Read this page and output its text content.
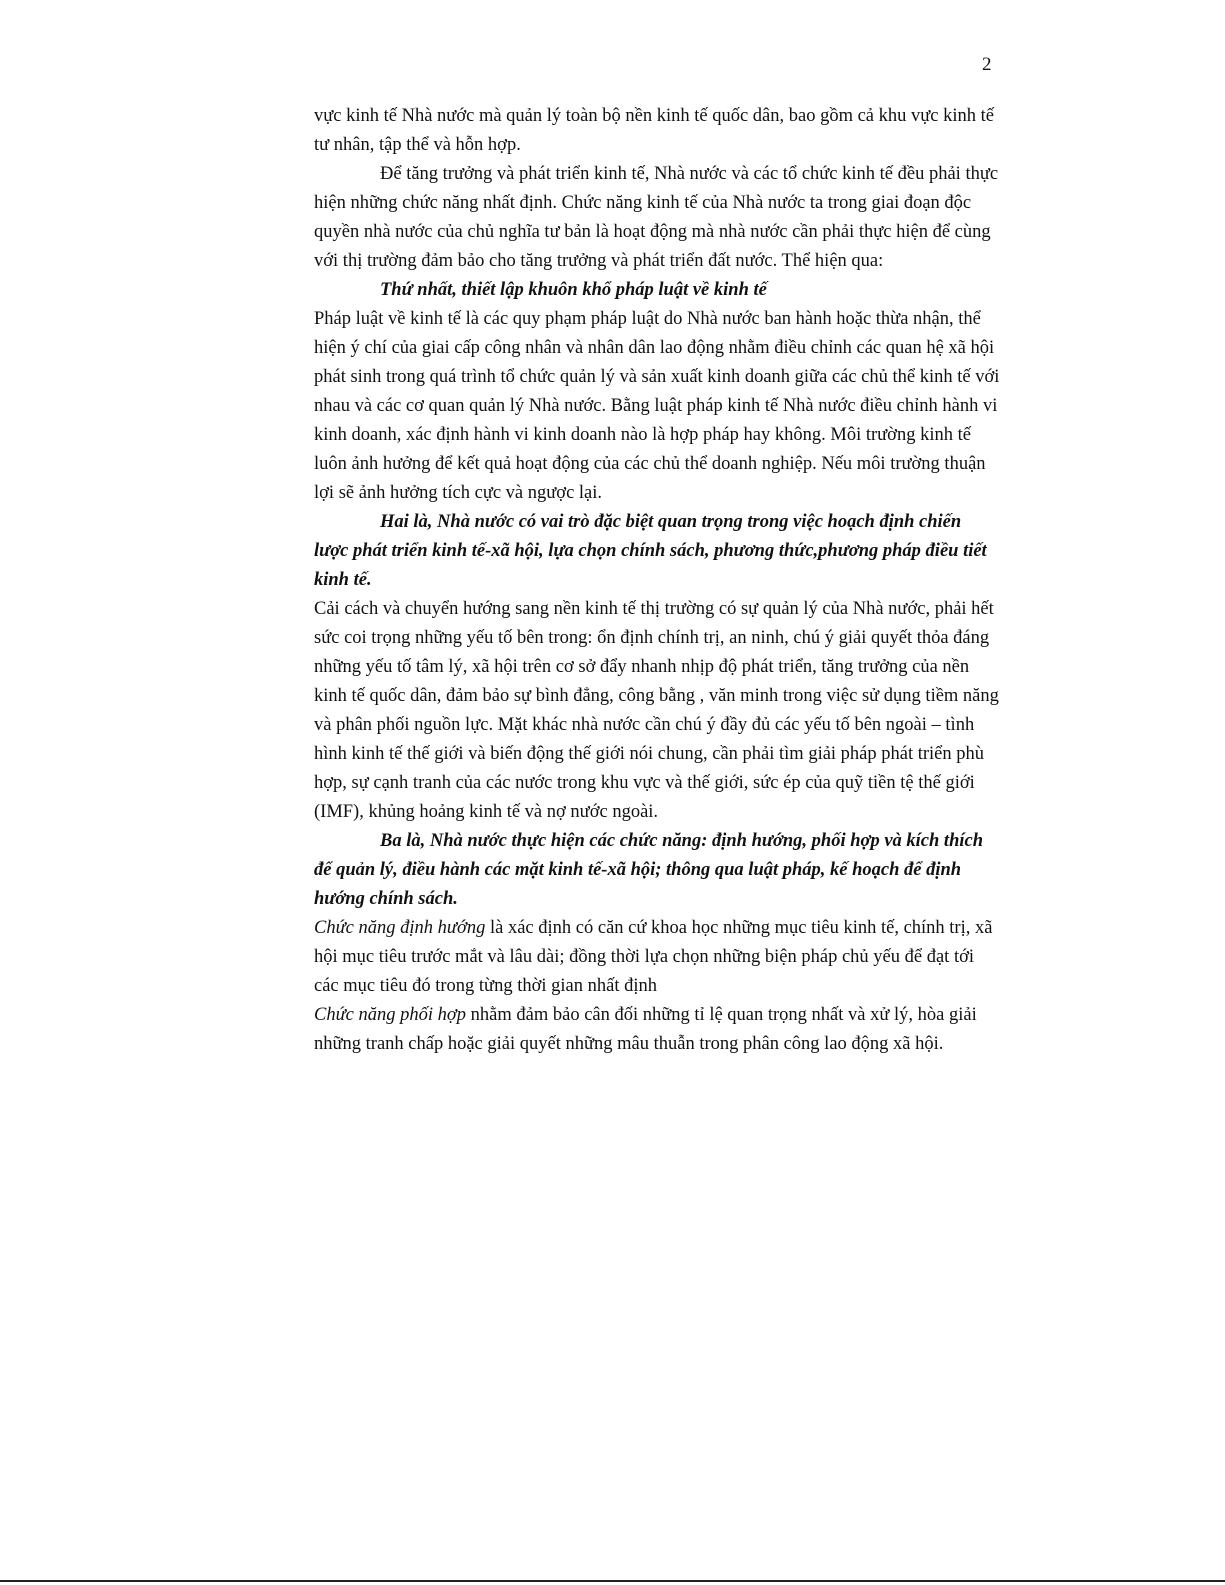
2

vực kinh tế Nhà nước mà quản lý toàn bộ nền kinh tế quốc dân, bao gồm cả khu vực kinh tế tư nhân, tập thể và hỗn hợp.

Để tăng trưởng và phát triển kinh tế, Nhà nước và các tổ chức kinh tế đều phải thực hiện những chức năng nhất định. Chức năng kinh tế của Nhà nước ta trong giai đoạn độc quyền nhà nước của chủ nghĩa tư bản là hoạt động mà nhà nước cần phải thực hiện để cùng với thị trường đảm bảo cho tăng trưởng và phát triển đất nước. Thể hiện qua:

Thứ nhất, thiết lập khuôn khổ pháp luật về kinh tế

Pháp luật về kinh tế là các quy phạm pháp luật do Nhà nước ban hành hoặc thừa nhận, thể hiện ý chí của giai cấp công nhân và nhân dân lao động nhằm điều chỉnh các quan hệ xã hội phát sinh trong quá trình tổ chức quản lý và sản xuất kinh doanh giữa các chủ thể kinh tế với nhau và các cơ quan quản lý Nhà nước. Bằng luật pháp kinh tế Nhà nước điều chỉnh hành vi kinh doanh, xác định hành vi kinh doanh nào là hợp pháp hay không. Môi trường kinh tế luôn ảnh hưởng để kết quả hoạt động của các chủ thể doanh nghiệp. Nếu môi trường thuận lợi sẽ ảnh hưởng tích cực và ngược lại.

Hai là, Nhà nước có vai trò đặc biệt quan trọng trong việc hoạch định chiến lược phát triển kinh tế-xã hội, lựa chọn chính sách, phương thức,phương pháp điều tiết kinh tế.

Cải cách và chuyển hướng sang nền kinh tế thị trường có sự quản lý của Nhà nước, phải hết sức coi trọng những yếu tố bên trong: ổn định chính trị, an ninh, chú ý giải quyết thỏa đáng những yếu tố tâm lý, xã hội trên cơ sở đẩy nhanh nhịp độ phát triển, tăng trưởng của nền kinh tế quốc dân, đảm bảo sự bình đẳng, công bằng , văn minh trong việc sử dụng tiềm năng và phân phối nguồn lực. Mặt khác nhà nước cần chú ý đầy đủ các yếu tố bên ngoài – tình hình kinh tế thế giới và biến động thế giới nói chung, cần phải tìm giải pháp phát triển phù hợp, sự cạnh tranh của các nước trong khu vực và thế giới, sức ép của quỹ tiền tệ thế giới (IMF), khủng hoảng kinh tế và nợ nước ngoài.

Ba là, Nhà nước thực hiện các chức năng: định hướng, phối hợp và kích thích để quản lý, điều hành các mặt kinh tế-xã hội; thông qua luật pháp, kế hoạch để định hướng chính sách.

Chức năng định hướng là xác định có căn cứ khoa học những mục tiêu kinh tế, chính trị, xã hội mục tiêu trước mắt và lâu dài; đồng thời lựa chọn những biện pháp chủ yếu để đạt tới các mục tiêu đó trong từng thời gian nhất định

Chức năng phối hợp nhằm đảm bảo cân đối những tỉ lệ quan trọng nhất và xử lý, hòa giải những tranh chấp hoặc giải quyết những mâu thuẫn trong phân công lao động xã hội.
